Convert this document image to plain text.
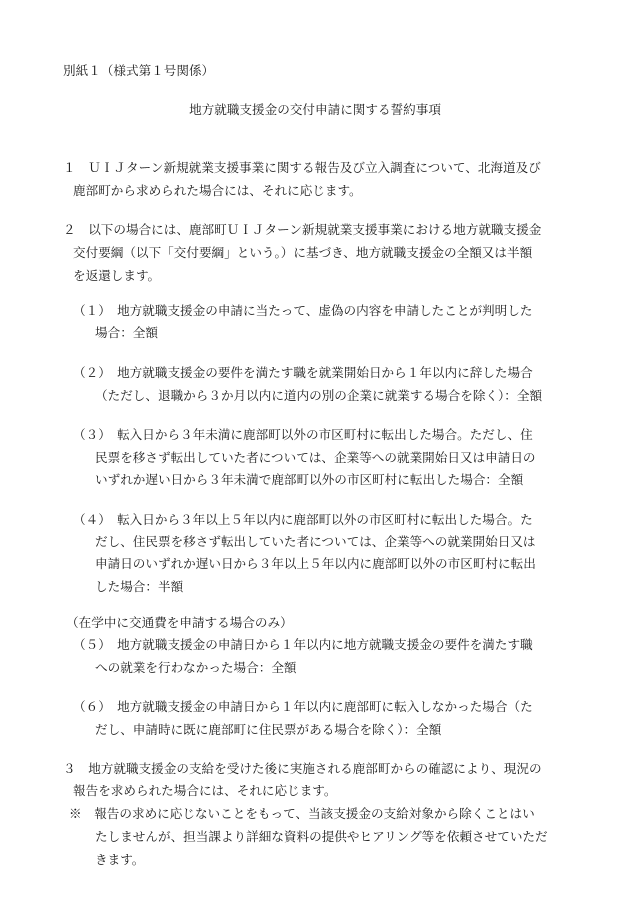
別紙１（様式第１号関係）
地方就職支援金の交付申請に関する誓約事項
１　ＵＩＪターン新規就業支援事業に関する報告及び立入調査について、北海道及び
鹿部町から求められた場合には、それに応じます。
２　以下の場合には、鹿部町ＵＩＪターン新規就業支援事業における地方就職支援金
交付要綱（以下「交付要綱」という。）に基づき、地方就職支援金の全額又は半額
を返還します。
（１）　地方就職支援金の申請に当たって、虚偽の内容を申請したことが判明した
場合：全額
（２）　地方就職支援金の要件を満たす職を就業開始日から１年以内に辞した場合
（ただし、退職から３か月以内に道内の別の企業に就業する場合を除く）：全額
（３）　転入日から３年未満に鹿部町以外の市区町村に転出した場合。ただし、住
民票を移さず転出していた者については、企業等への就業開始日又は申請日の
いずれか遅い日から３年未満で鹿部町以外の市区町村に転出した場合：全額
（４）　転入日から３年以上５年以内に鹿部町以外の市区町村に転出した場合。た
だし、住民票を移さず転出していた者については、企業等への就業開始日又は
申請日のいずれか遅い日から３年以上５年以内に鹿部町以外の市区町村に転出
した場合：半額
（在学中に交通費を申請する場合のみ）
（５）　地方就職支援金の申請日から１年以内に地方就職支援金の要件を満たす職
への就業を行わなかった場合：全額
（６）　地方就職支援金の申請日から１年以内に鹿部町に転入しなかった場合（た
だし、申請時に既に鹿部町に住民票がある場合を除く）：全額
３　地方就職支援金の支給を受けた後に実施される鹿部町からの確認により、現況の
報告を求められた場合には、それに応じます。
※　報告の求めに応じないことをもって、当該支援金の支給対象から除くことはい
たしませんが、担当課より詳細な資料の提供やヒアリング等を依頼させていただ
きます。
